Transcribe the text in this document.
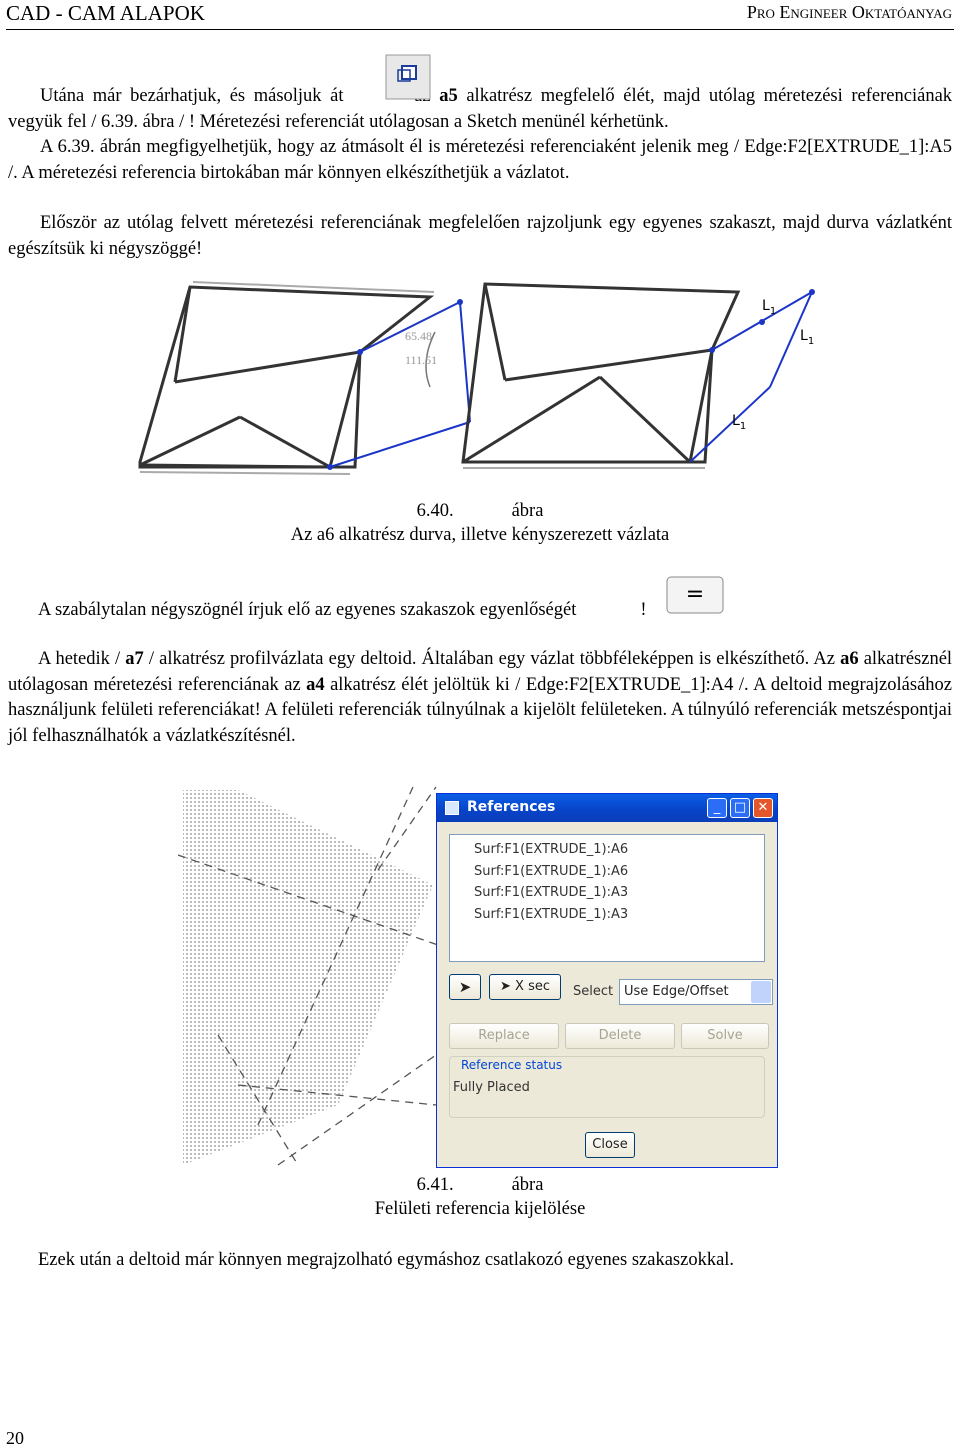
CAD - CAM ALAPOK	Pro Engineer Oktatóanyag
Utána már bezárhatjuk, és másoljuk át	a5 alkatrész megfelelő élét, majd utólag méretezési referenciának vegyük fel / 6.39. ábra / ! Méretezési referenciát utólagosan a Sketch menünél kérhetünk.
A 6.39. ábrán megfigyelhetjük, hogy az átmásolt él is méretezési referenciaként jelenik meg / Edge:F2[EXTRUDE_1]:A5 /. A méretezési referencia birtokában már könnyen elkészíthetjük a vázlatot.
Először az utólag felvett méretezési referenciának megfelelően rajzoljunk egy egyenes szakaszt, majd durva vázlatként egészítsük ki négyszöggé!
65.48
111.51
$L_1$
$L_1$
$L_1$
6.40.	ábra
Az a6 alkatrész durva, illetve kényszerezett vázlata
A szabálytalan négyszögnél írjuk elő az egyenes szakaszok egyenlőségét	!
=
A hetedik / a7 / alkatrész profilvázlata egy deltoid. Általában egy vázlat többféleképpen is elkészíthető. Az a6 alkatrésznél utólagosan méretezési referenciának az a4 alkatrész élét jelöltük ki / Edge:F2[EXTRUDE_1]:A4 /. A deltoid megrajzolásához használjunk felületi referenciákat! A felületi referenciák túlnyúlnak a kijelölt felületeken. A túlnyúló referenciák metszéspontjai jól felhasználhatók a vázlatkészítésnél.
References	_	□ ✕
Surf:F1(EXTRUDE_1):A6
Surf:F1(EXTRUDE_1):A6
Surf:F1(EXTRUDE_1):A3
Surf:F1(EXTRUDE_1):A3
➤	➤ X sec	Select Use Edge/Offset
Replace	Delete	Solve
Reference status
Fully Placed
Close
6.41.	ábra
Felületi referencia kijelölése
Ezek után a deltoid már könnyen megrajzolható egymáshoz csatlakozó egyenes szakaszokkal.
20
